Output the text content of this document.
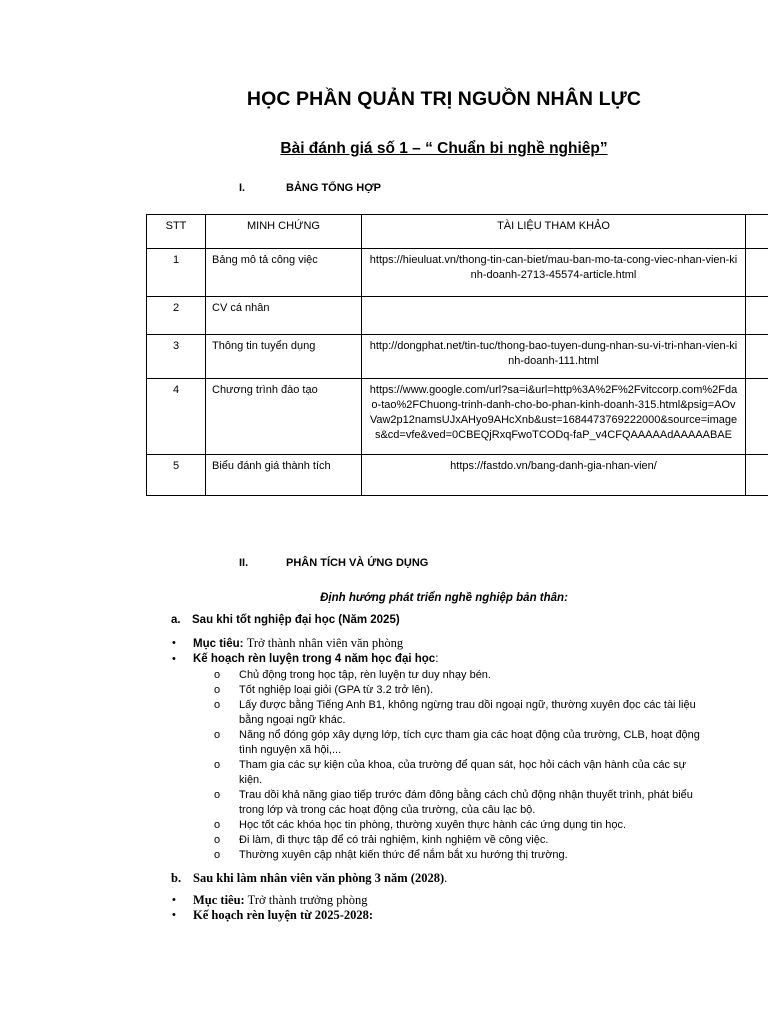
HỌC PHẦN QUẢN TRỊ NGUỒN NHÂN LỰC
Bài đánh giá số 1 – “ Chuẩn bi nghề nghiêp”
I.	BẢNG TỔNG HỢP
STT	MINH CHỨNG	TÀI LIỆU THAM KHẢO	
1	Bảng mô tả công việc	https://hieuluat.vn/thong-tin-can-biet/mau-ban-mo-ta-cong-viec-nhan-vien-kinh-doanh-2713-45574-article.html	
2	CV cá nhân		
3	Thông tin tuyển dụng	http://dongphat.net/tin-tuc/thong-bao-tuyen-dung-nhan-su-vi-tri-nhan-vien-kinh-doanh-111.html	
4	Chương trình đào tạo	https://www.google.com/url?sa=i&url=http%3A%2F%2Fvitccorp.com%2Fdao-tao%2FChuong-trinh-danh-cho-bo-phan-kinh-doanh-315.html&psig=AOvVaw2p12namsUJxAHyo9AHcXnb&ust=1684473769222000&source=images&cd=vfe&ved=0CBEQjRxqFwoTCODq-faP_v4CFQAAAAAdAAAAABAE	
5	Biểu đánh giá thành tích	https://fastdo.vn/bang-danh-gia-nhan-vien/	
II.	PHÂN TÍCH VÀ ỨNG DỤNG
Định hướng phát triển nghề nghiệp bản thân:
a. Sau khi tốt nghiệp đại học (Năm 2025)
• Mục tiêu: Trở thành nhân viên văn phòng
• Kế hoạch rèn luyện trong 4 năm học đại học:
o Chủ động trong học tập, rèn luyện tư duy nhạy bén.
o Tốt nghiệp loại giỏi (GPA từ 3.2 trở lên).
o Lấy được bằng Tiếng Anh B1, không ngừng trau dồi ngoại ngữ, thường xuyên đọc các tài liệu bằng ngoại ngữ khác.
o Năng nổ đóng góp xây dựng lớp, tích cực tham gia các hoạt động của trường, CLB, hoạt động tình nguyện xã hội,...
o Tham gia các sự kiện của khoa, của trường để quan sát, học hỏi cách vận hành của các sự kiện.
o Trau dồi khả năng giao tiếp trước đám đông bằng cách chủ động nhận thuyết trình, phát biểu trong lớp và trong các hoạt động của trường, của câu lạc bộ.
o Học tốt các khóa học tin phòng, thường xuyên thực hành các ứng dụng tin học.
o Đi làm, đi thực tập để có trải nghiệm, kinh nghiệm về công việc.
o Thường xuyên cập nhật kiến thức để nắm bắt xu hướng thị trường.
b. Sau khi làm nhân viên văn phòng 3 năm (2028).
• Mục tiêu: Trở thành trưởng phòng
• Kế hoạch rèn luyện từ 2025-2028:
